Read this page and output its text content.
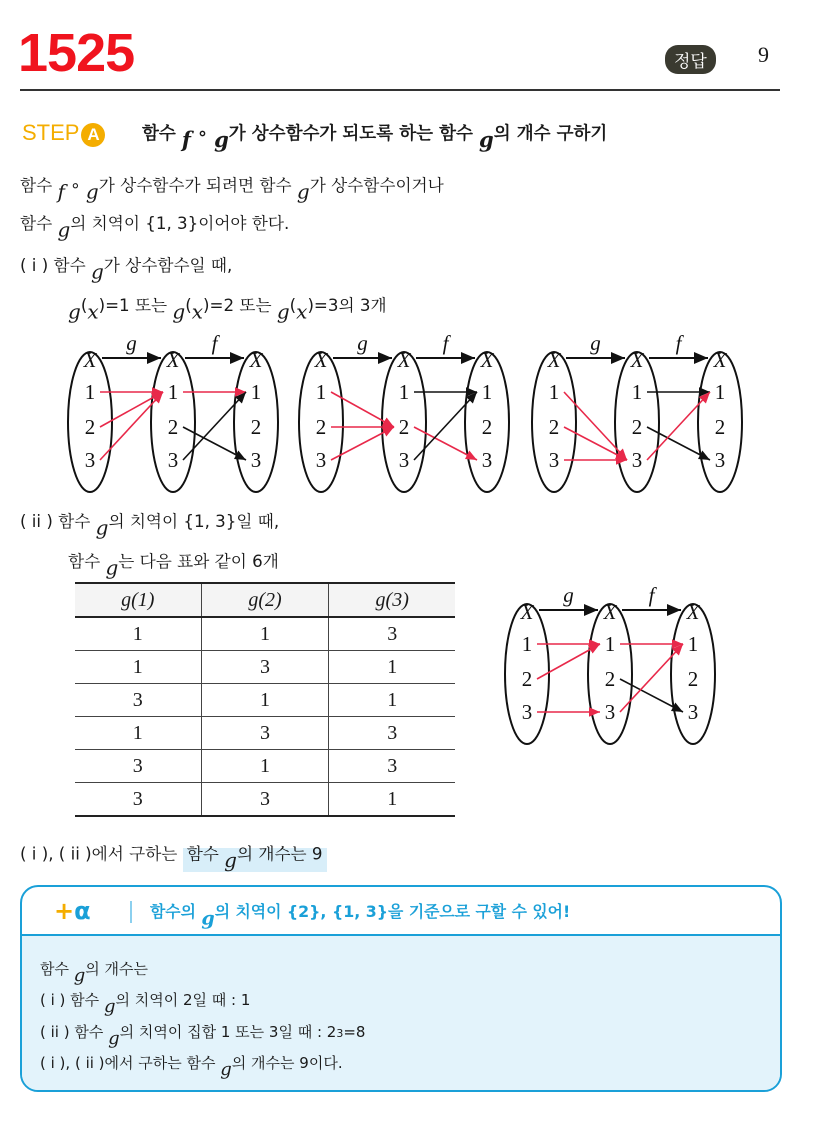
1525	정답	9
STEP A	$^{함수}$ f ∘ $g^{가 상수함수가 되도록 하는 함수}$ $g^{의 개수 구하기}$
$^{함수}$ f ∘ $g^{가 상수함수가 되려면 함수}$ $g^{가 상수함수이거나}$
$^{함수}$ $g^{의 치역이 \{1, 3\}이어야 한다.}$
$^{( i ) 함수}$ $g^{가 상수함수일 때,}$
$g^(x^{)=1 또는}$ $g^(x^{)=2 또는}$ $g^(x^{)=3의 3개}$
$^{( ii ) 함수}$ $g^{의 치역이 \{1, 3\}일 때,}$
$^{함수}$ $g^{는 다음 표와 같이 6개}$
g(1)	g(2)	g(3)
1	1	3
1	3	1
3	1	1
1	3	3
3	1	3
3	3	1
$^{( i ), ( ii )에서 구하는}$ $^{함수}$ $g^{의 개수는 9}$
X
1
2
3
X
1
2
3
X
1
2
3
g	f
X
1
2
3
X
1
2
3
X
1
2
3
g	f
X
1
2
3
X
1
2
3
X
1
2
3
g	f
X
1
2
3
X
1
2
3
X
1
2
3
g	f
+α	$^{함수의}$ $g^{의 치역이 \{2\}, \{1, 3\}을 기준으로 구할 수 있어!}$
$^{함수}$ $g^{의 개수는}$
$^{( i ) 함수}$ $g^{의 치역이 2일 때 : 1}$
$^{( ii ) 함수}$ $g^{의 치역이 집합 1 또는 3일 때 : 23=8}$
$^{( i ), ( ii )에서 구하는 함수}$ $g^{의 개수는 9이다.}$
